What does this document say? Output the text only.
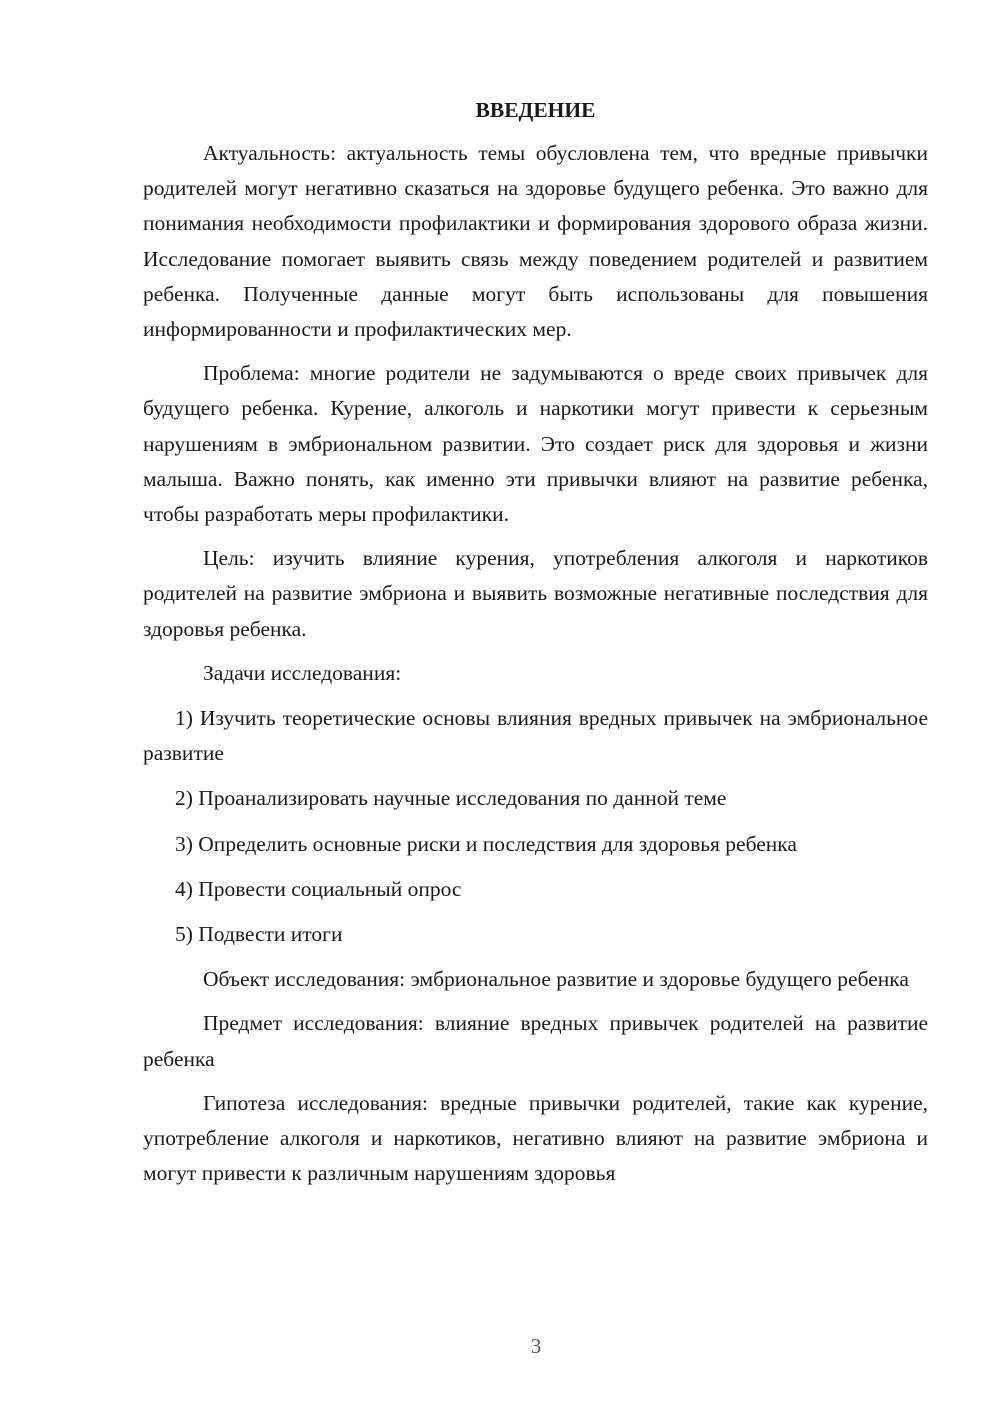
ВВЕДЕНИЕ

Актуальность: актуальность темы обусловлена тем, что вредные привычки родителей могут негативно сказаться на здоровье будущего ребенка. Это важно для понимания необходимости профилактики и формирования здорового образа жизни. Исследование помогает выявить связь между поведением родителей и развитием ребенка. Полученные данные могут быть использованы для повышения информированности и профилактических мер.

Проблема: многие родители не задумываются о вреде своих привычек для будущего ребенка. Курение, алкоголь и наркотики могут привести к серьезным нарушениям в эмбриональном развитии. Это создает риск для здоровья и жизни малыша. Важно понять, как именно эти привычки влияют на развитие ребенка, чтобы разработать меры профилактики.

Цель: изучить влияние курения, употребления алкоголя и наркотиков родителей на развитие эмбриона и выявить возможные негативные последствия для здоровья ребенка.

Задачи исследования:

1) Изучить теоретические основы влияния вредных привычек на эмбриональное развитие

2) Проанализировать научные исследования по данной теме

3) Определить основные риски и последствия для здоровья ребенка

4) Провести социальный опрос

5) Подвести итоги

Объект исследования: эмбриональное развитие и здоровье будущего ребенка

Предмет исследования: влияние вредных привычек родителей на развитие ребенка

Гипотеза исследования: вредные привычки родителей, такие как курение, употребление алкоголя и наркотиков, негативно влияют на развитие эмбриона и могут привести к различным нарушениям здоровья

3
